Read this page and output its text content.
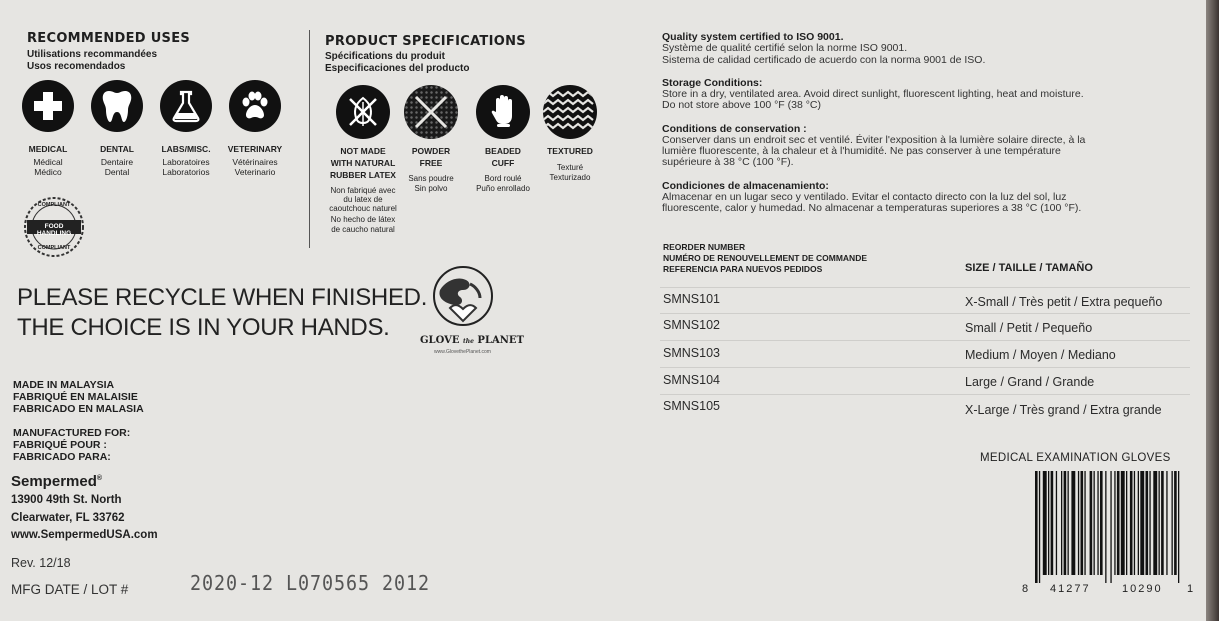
RECOMMENDED USES
Utilisations recommandées
Usos recomendados
MEDICAL
Médical
Médico
DENTAL
Dentaire
Dental
LABS/MISC.
Laboratoires
Laboratorios
VETERINARY
Vétérinaires
Veterinario
COMPLIANT
FOOD HANDLING
COMPLIANT
PRODUCT SPECIFICATIONS
Spécifications du produit
Especificaciones del producto
NOT MADE
WITH NATURAL
RUBBER LATEX
Non fabriqué avec
du latex de
caoutchouc naturel
No hecho de látex
de caucho natural
POWDER
FREE
Sans poudre
Sin polvo
BEADED
CUFF
Bord roulé
Puño enrollado
TEXTURED
Texturé
Texturizado
Quality system certified to ISO 9001.
Système de qualité certifié selon la norme ISO 9001.
Sistema de calidad certificado de acuerdo con la norma 9001 de ISO.
Storage Conditions:
Store in a dry, ventilated area. Avoid direct sunlight, fluorescent lighting, heat and moisture.
Do not store above 100 °F (38 °C)
Conditions de conservation :
Conserver dans un endroit sec et ventilé. Éviter l'exposition à la lumière solaire directe, à la
lumière fluorescente, à la chaleur et à l'humidité. Ne pas conserver à une température
supérieure à 38 °C (100 °F).
Condiciones de almacenamiento:
Almacenar en un lugar seco y ventilado. Evitar el contacto directo con la luz del sol, luz
fluorescente, calor y humedad. No almacenar a temperaturas superiores a 38 °C (100 °F).
PLEASE RECYCLE WHEN FINISHED.
THE CHOICE IS IN YOUR HANDS.	GLOVE the PLANET
www.GlovethePlanet.com
MADE IN MALAYSIA
FABRIQUÉ EN MALAISIE
FABRICADO EN MALASIA
MANUFACTURED FOR:
FABRIQUÉ POUR :
FABRICADO PARA:
Sempermed®
13900 49th St. North
Clearwater, FL 33762
www.SempermedUSA.com
Rev. 12/18
MFG DATE / LOT #	2020-12 L070565 2012
REORDER NUMBER
NUMÉRO DE RENOUVELLEMENT DE COMMANDE
REFERENCIA PARA NUEVOS PEDIDOS	SIZE / TAILLE / TAMAÑO
SMNS101	X-Small / Très petit / Extra pequeño
SMNS102	Small / Petit / Pequeño
SMNS103	Medium / Moyen / Mediano
SMNS104	Large / Grand / Grande
SMNS105	X-Large / Très grand / Extra grande
MEDICAL EXAMINATION GLOVES
8 41277	10290 1
